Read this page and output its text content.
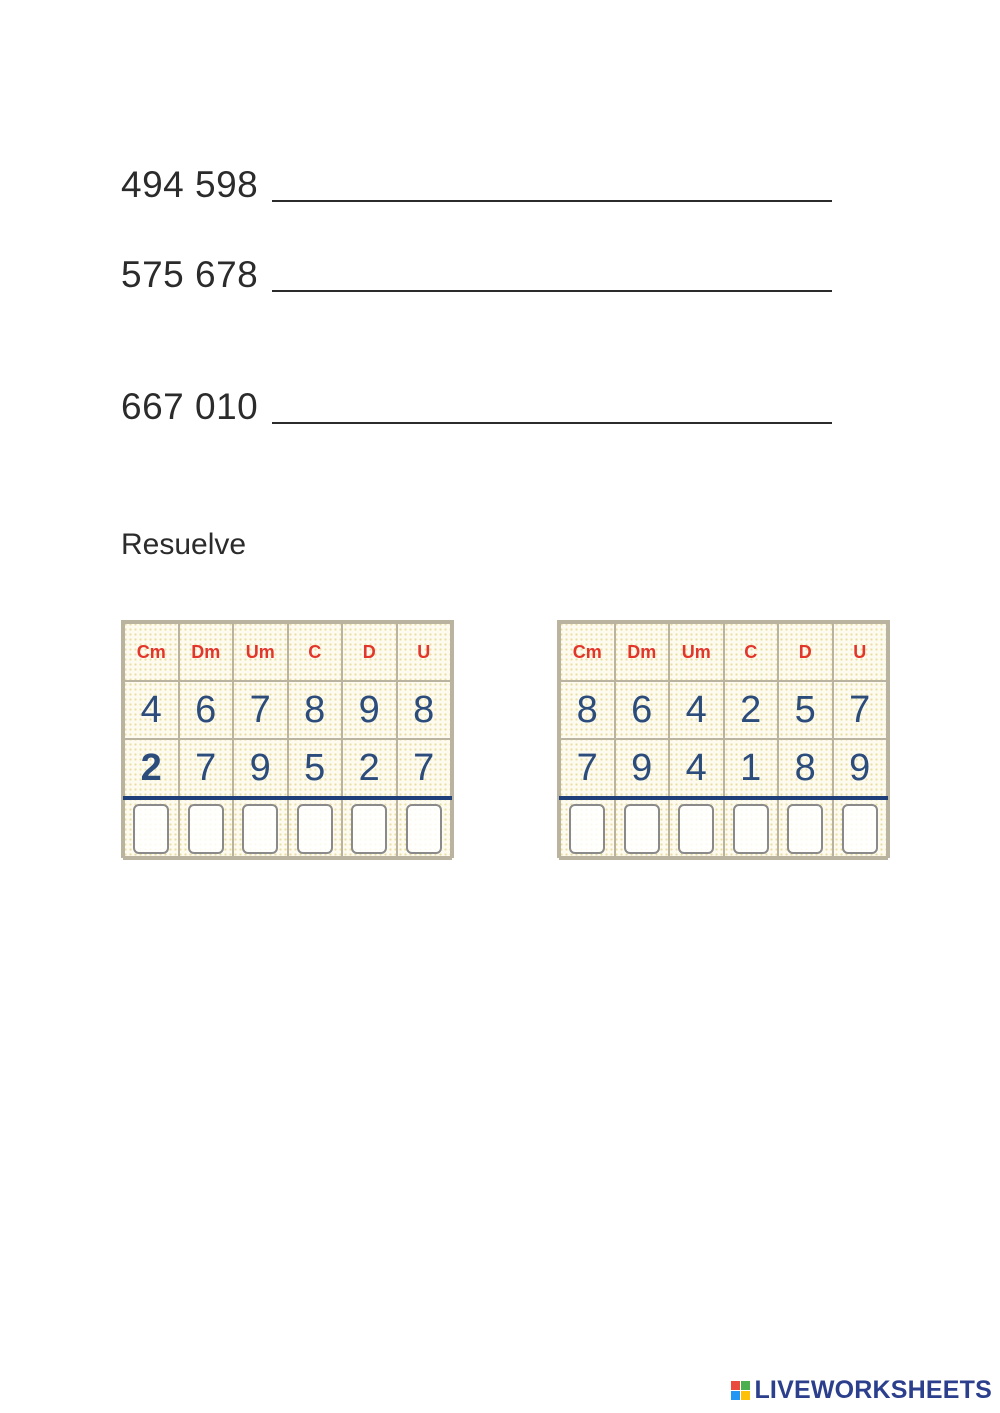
494 598
575 678
667 010
Resuelve
Cm	Dm	Um	C	D	U
4	6	7	8	9	8
2	7	9	5	2	7

Cm	Dm	Um	C	D	U
8	6	4	2	5	7
7	9	4	1	8	9

LIVEWORKSHEETS
